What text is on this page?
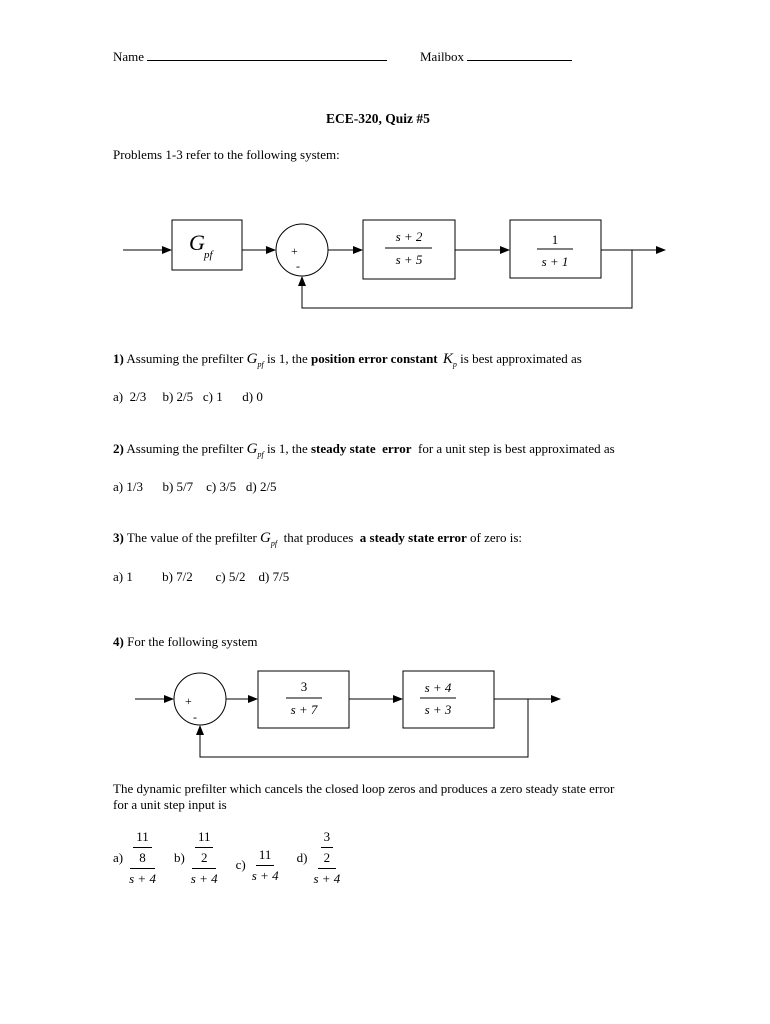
Name	Mailbox
ECE-320, Quiz #5
Problems 1-3 refer to the following system:
G pf	+
-
s + 2
s + 5
1
s + 1
+
-
3
s + 7
s + 4
s + 3
1) Assuming the prefilter $G_{pf}$ is 1, the position error constant $K_p$ is best approximated as
a)  2/3     b) 2/5   c) 1      d) 0
2) Assuming the prefilter $G_{pf}$ is 1, the steady state  error  for a unit step is best approximated as
a) 1/3      b) 5/7    c) 3/5   d) 2/5
3) The value of the prefilter $G_{pf}$  that produces  a steady state error of zero is:
a) 1         b) 7/2       c) 5/2    d) 7/5
4) For the following system
The dynamic prefilter which cancels the closed loop zeros and produces a zero steady state error
for a unit step input is
$a) \frac{\frac{11}{8}}{s + 4} b) \frac{\frac{11}{2}}{s + 4} c) \frac{11}{s + 4} d) \frac{\frac{3}{2}}{s + 4}$
